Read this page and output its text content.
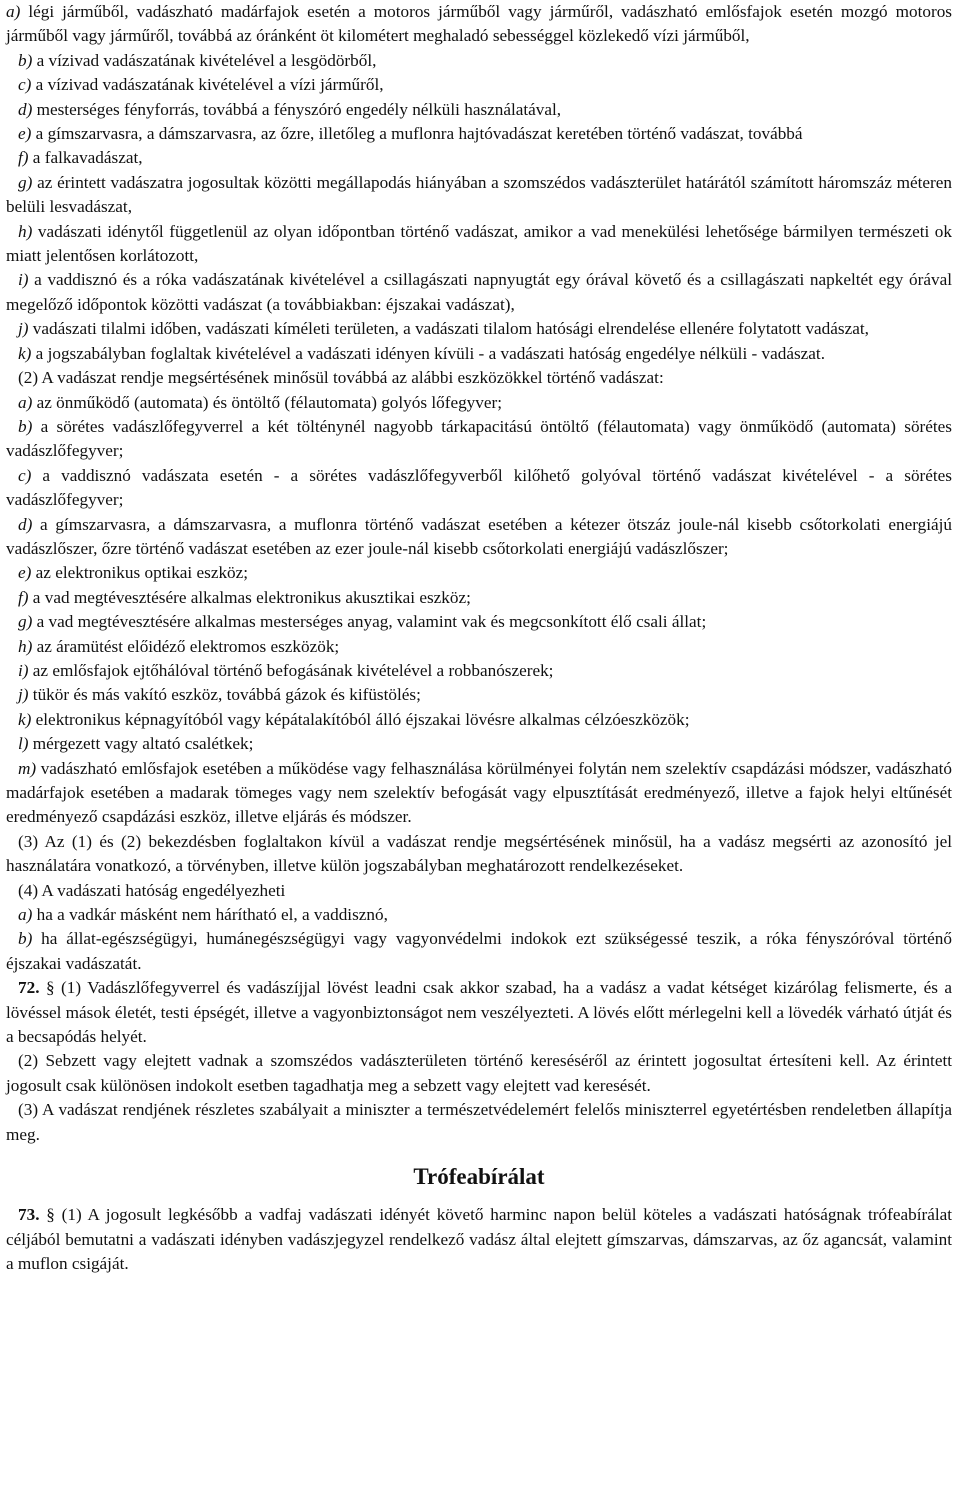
a) légi járműből, vadászható madárfajok esetén a motoros járműből vagy járműről, vadászható emlősfajok esetén mozgó motoros járműből vagy járműről, továbbá az óránként öt kilométert meghaladó sebességgel közlekedő vízi járműből,

b) a vízivad vadászatának kivételével a lesgödörből,

c) a vízivad vadászatának kivételével a vízi járműről,

d) mesterséges fényforrás, továbbá a fényszóró engedély nélküli használatával,

e) a gímszarvasra, a dámszarvasra, az őzre, illetőleg a muflonra hajtóvadászat keretében történő vadászat, továbbá

f) a falkavadászat,

g) az érintett vadászatra jogosultak közötti megállapodás hiányában a szomszédos vadászterület határától számított háromszáz méteren belüli lesvadászat,

h) vadászati idénytől függetlenül az olyan időpontban történő vadászat, amikor a vad menekülési lehetősége bármilyen természeti ok miatt jelentősen korlátozott,

i) a vaddisznó és a róka vadászatának kivételével a csillagászati napnyugtát egy órával követő és a csillagászati napkeltét egy órával megelőző időpontok közötti vadászat (a továbbiakban: éjszakai vadászat),

j) vadászati tilalmi időben, vadászati kíméleti területen, a vadászati tilalom hatósági elrendelése ellenére folytatott vadászat,

k) a jogszabályban foglaltak kivételével a vadászati idényen kívüli - a vadászati hatóság engedélye nélküli - vadászat.

(2) A vadászat rendje megsértésének minősül továbbá az alábbi eszközökkel történő vadászat:

a) az önműködő (automata) és öntöltő (félautomata) golyós lőfegyver;

b) a sörétes vadászlőfegyverrel a két tölténynél nagyobb tárkapacitású öntöltő (félautomata) vagy önműködő (automata) sörétes vadászlőfegyver;

c) a vaddisznó vadászata esetén - a sörétes vadászlőfegyverből kilőhető golyóval történő vadászat kivételével - a sörétes vadászlőfegyver;

d) a gímszarvasra, a dámszarvasra, a muflonra történő vadászat esetében a kétezer ötszáz joule-nál kisebb csőtorkolati energiájú vadászlőszer, őzre történő vadászat esetében az ezer joule-nál kisebb csőtorkolati energiájú vadászlőszer;

e) az elektronikus optikai eszköz;

f) a vad megtévesztésére alkalmas elektronikus akusztikai eszköz;

g) a vad megtévesztésére alkalmas mesterséges anyag, valamint vak és megcsonkított élő csali állat;

h) az áramütést előidéző elektromos eszközök;

i) az emlősfajok ejtőhálóval történő befogásának kivételével a robbanószerek;

j) tükör és más vakító eszköz, továbbá gázok és kifüstölés;

k) elektronikus képnagyítóból vagy képátalakítóból álló éjszakai lövésre alkalmas célzóeszközök;

l) mérgezett vagy altató csalétkek;

m) vadászható emlősfajok esetében a működése vagy felhasználása körülményei folytán nem szelektív csapdázási módszer, vadászható madárfajok esetében a madarak tömeges vagy nem szelektív befogását vagy elpusztítását eredményező, illetve a fajok helyi eltűnését eredményező csapdázási eszköz, illetve eljárás és módszer.

(3) Az (1) és (2) bekezdésben foglaltakon kívül a vadászat rendje megsértésének minősül, ha a vadász megsérti az azonosító jel használatára vonatkozó, a törvényben, illetve külön jogszabályban meghatározott rendelkezéseket.

(4) A vadászati hatóság engedélyezheti

a) ha a vadkár másként nem hárítható el, a vaddisznó,

b) ha állat-egészségügyi, humánegészségügyi vagy vagyonvédelmi indokok ezt szükségessé teszik, a róka fényszóróval történő éjszakai vadászatát.

72. § (1) Vadászlőfegyverrel és vadászíjjal lövést leadni csak akkor szabad, ha a vadász a vadat kétséget kizárólag felismerte, és a lövéssel mások életét, testi épségét, illetve a vagyonbiztonságot nem veszélyezteti. A lövés előtt mérlegelni kell a lövedék várható útját és a becsapódás helyét.

(2) Sebzett vagy elejtett vadnak a szomszédos vadászterületen történő kereséséről az érintett jogosultat értesíteni kell. Az érintett jogosult csak különösen indokolt esetben tagadhatja meg a sebzett vagy elejtett vad keresését.

(3) A vadászat rendjének részletes szabályait a miniszter a természetvédelemért felelős miniszterrel egyetértésben rendeletben állapítja meg.

Trófeabírálat

73. § (1) A jogosult legkésőbb a vadfaj vadászati idényét követő harminc napon belül köteles a vadászati hatóságnak trófeabírálat céljából bemutatni a vadászati idényben vadászjegyzel rendelkező vadász által elejtett gímszarvas, dámszarvas, az őz agancsát, valamint a muflon csigáját.
